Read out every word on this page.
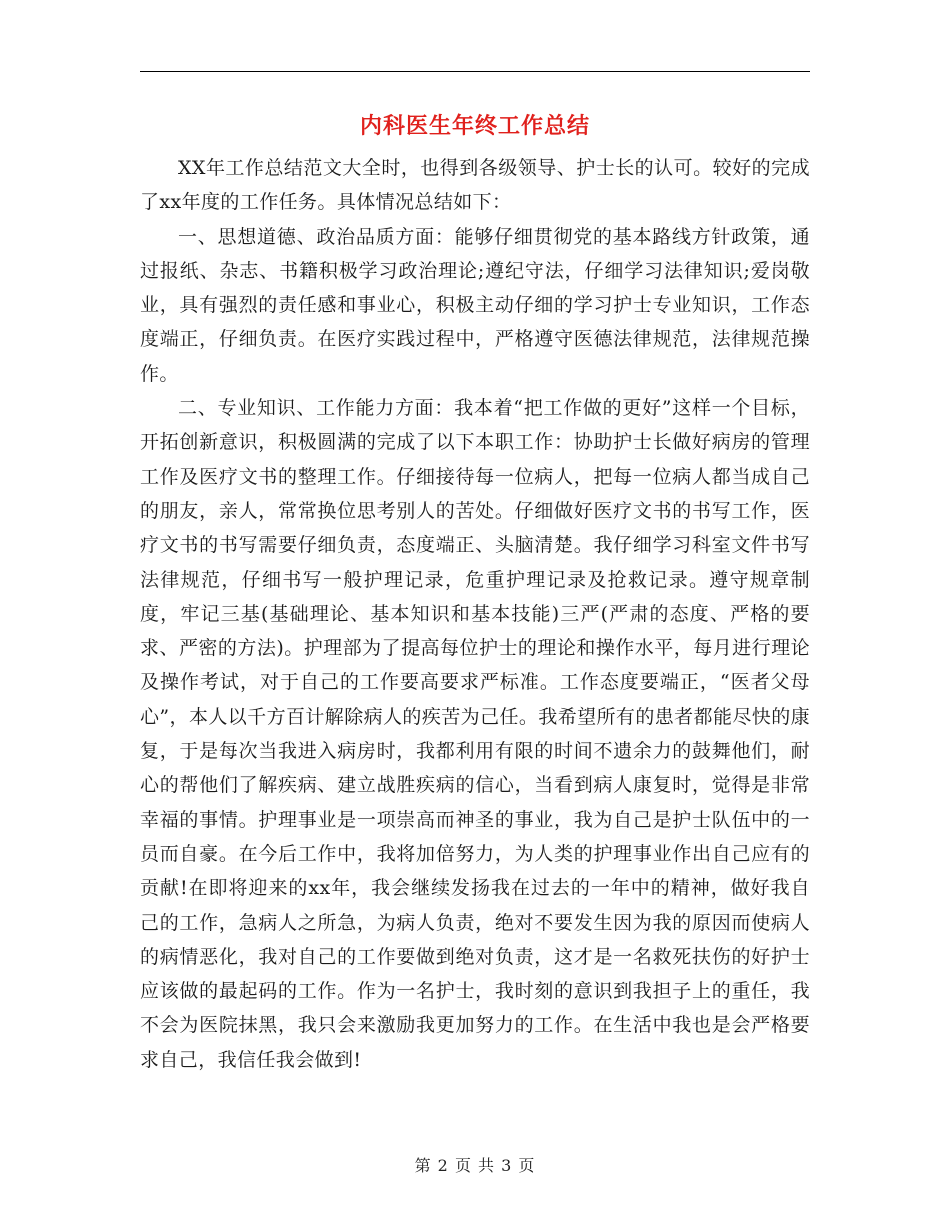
内科医生年终工作总结

XX年工作总结范文大全时，也得到各级领导、护士长的认可。较好的完成了xx年度的工作任务。具体情况总结如下：

一、思想道德、政治品质方面：能够仔细贯彻党的基本路线方针政策，通过报纸、杂志、书籍积极学习政治理论;遵纪守法，仔细学习法律知识;爱岗敬业，具有强烈的责任感和事业心，积极主动仔细的学习护士专业知识，工作态度端正，仔细负责。在医疗实践过程中，严格遵守医德法律规范，法律规范操作。

二、专业知识、工作能力方面：我本着“把工作做的更好”这样一个目标，开拓创新意识，积极圆满的完成了以下本职工作：协助护士长做好病房的管理工作及医疗文书的整理工作。仔细接待每一位病人，把每一位病人都当成自己的朋友，亲人，常常换位思考别人的苦处。仔细做好医疗文书的书写工作，医疗文书的书写需要仔细负责，态度端正、头脑清楚。我仔细学习科室文件书写法律规范，仔细书写一般护理记录，危重护理记录及抢救记录。遵守规章制度，牢记三基(基础理论、基本知识和基本技能)三严(严肃的态度、严格的要求、严密的方法)。护理部为了提高每位护士的理论和操作水平，每月进行理论及操作考试，对于自己的工作要高要求严标准。工作态度要端正，“医者父母心”，本人以千方百计解除病人的疾苦为己任。我希望所有的患者都能尽快的康复，于是每次当我进入病房时，我都利用有限的时间不遗余力的鼓舞他们，耐心的帮他们了解疾病、建立战胜疾病的信心，当看到病人康复时，觉得是非常幸福的事情。护理事业是一项崇高而神圣的事业，我为自己是护士队伍中的一员而自豪。在今后工作中，我将加倍努力，为人类的护理事业作出自己应有的贡献!在即将迎来的xx年，我会继续发扬我在过去的一年中的精神，做好我自己的工作，急病人之所急，为病人负责，绝对不要发生因为我的原因而使病人的病情恶化，我对自己的工作要做到绝对负责，这才是一名救死扶伤的好护士应该做的最起码的工作。作为一名护士，我时刻的意识到我担子上的重任，我不会为医院抹黑，我只会来激励我更加努力的工作。在生活中我也是会严格要求自己，我信任我会做到!

第 2 页 共 3 页
